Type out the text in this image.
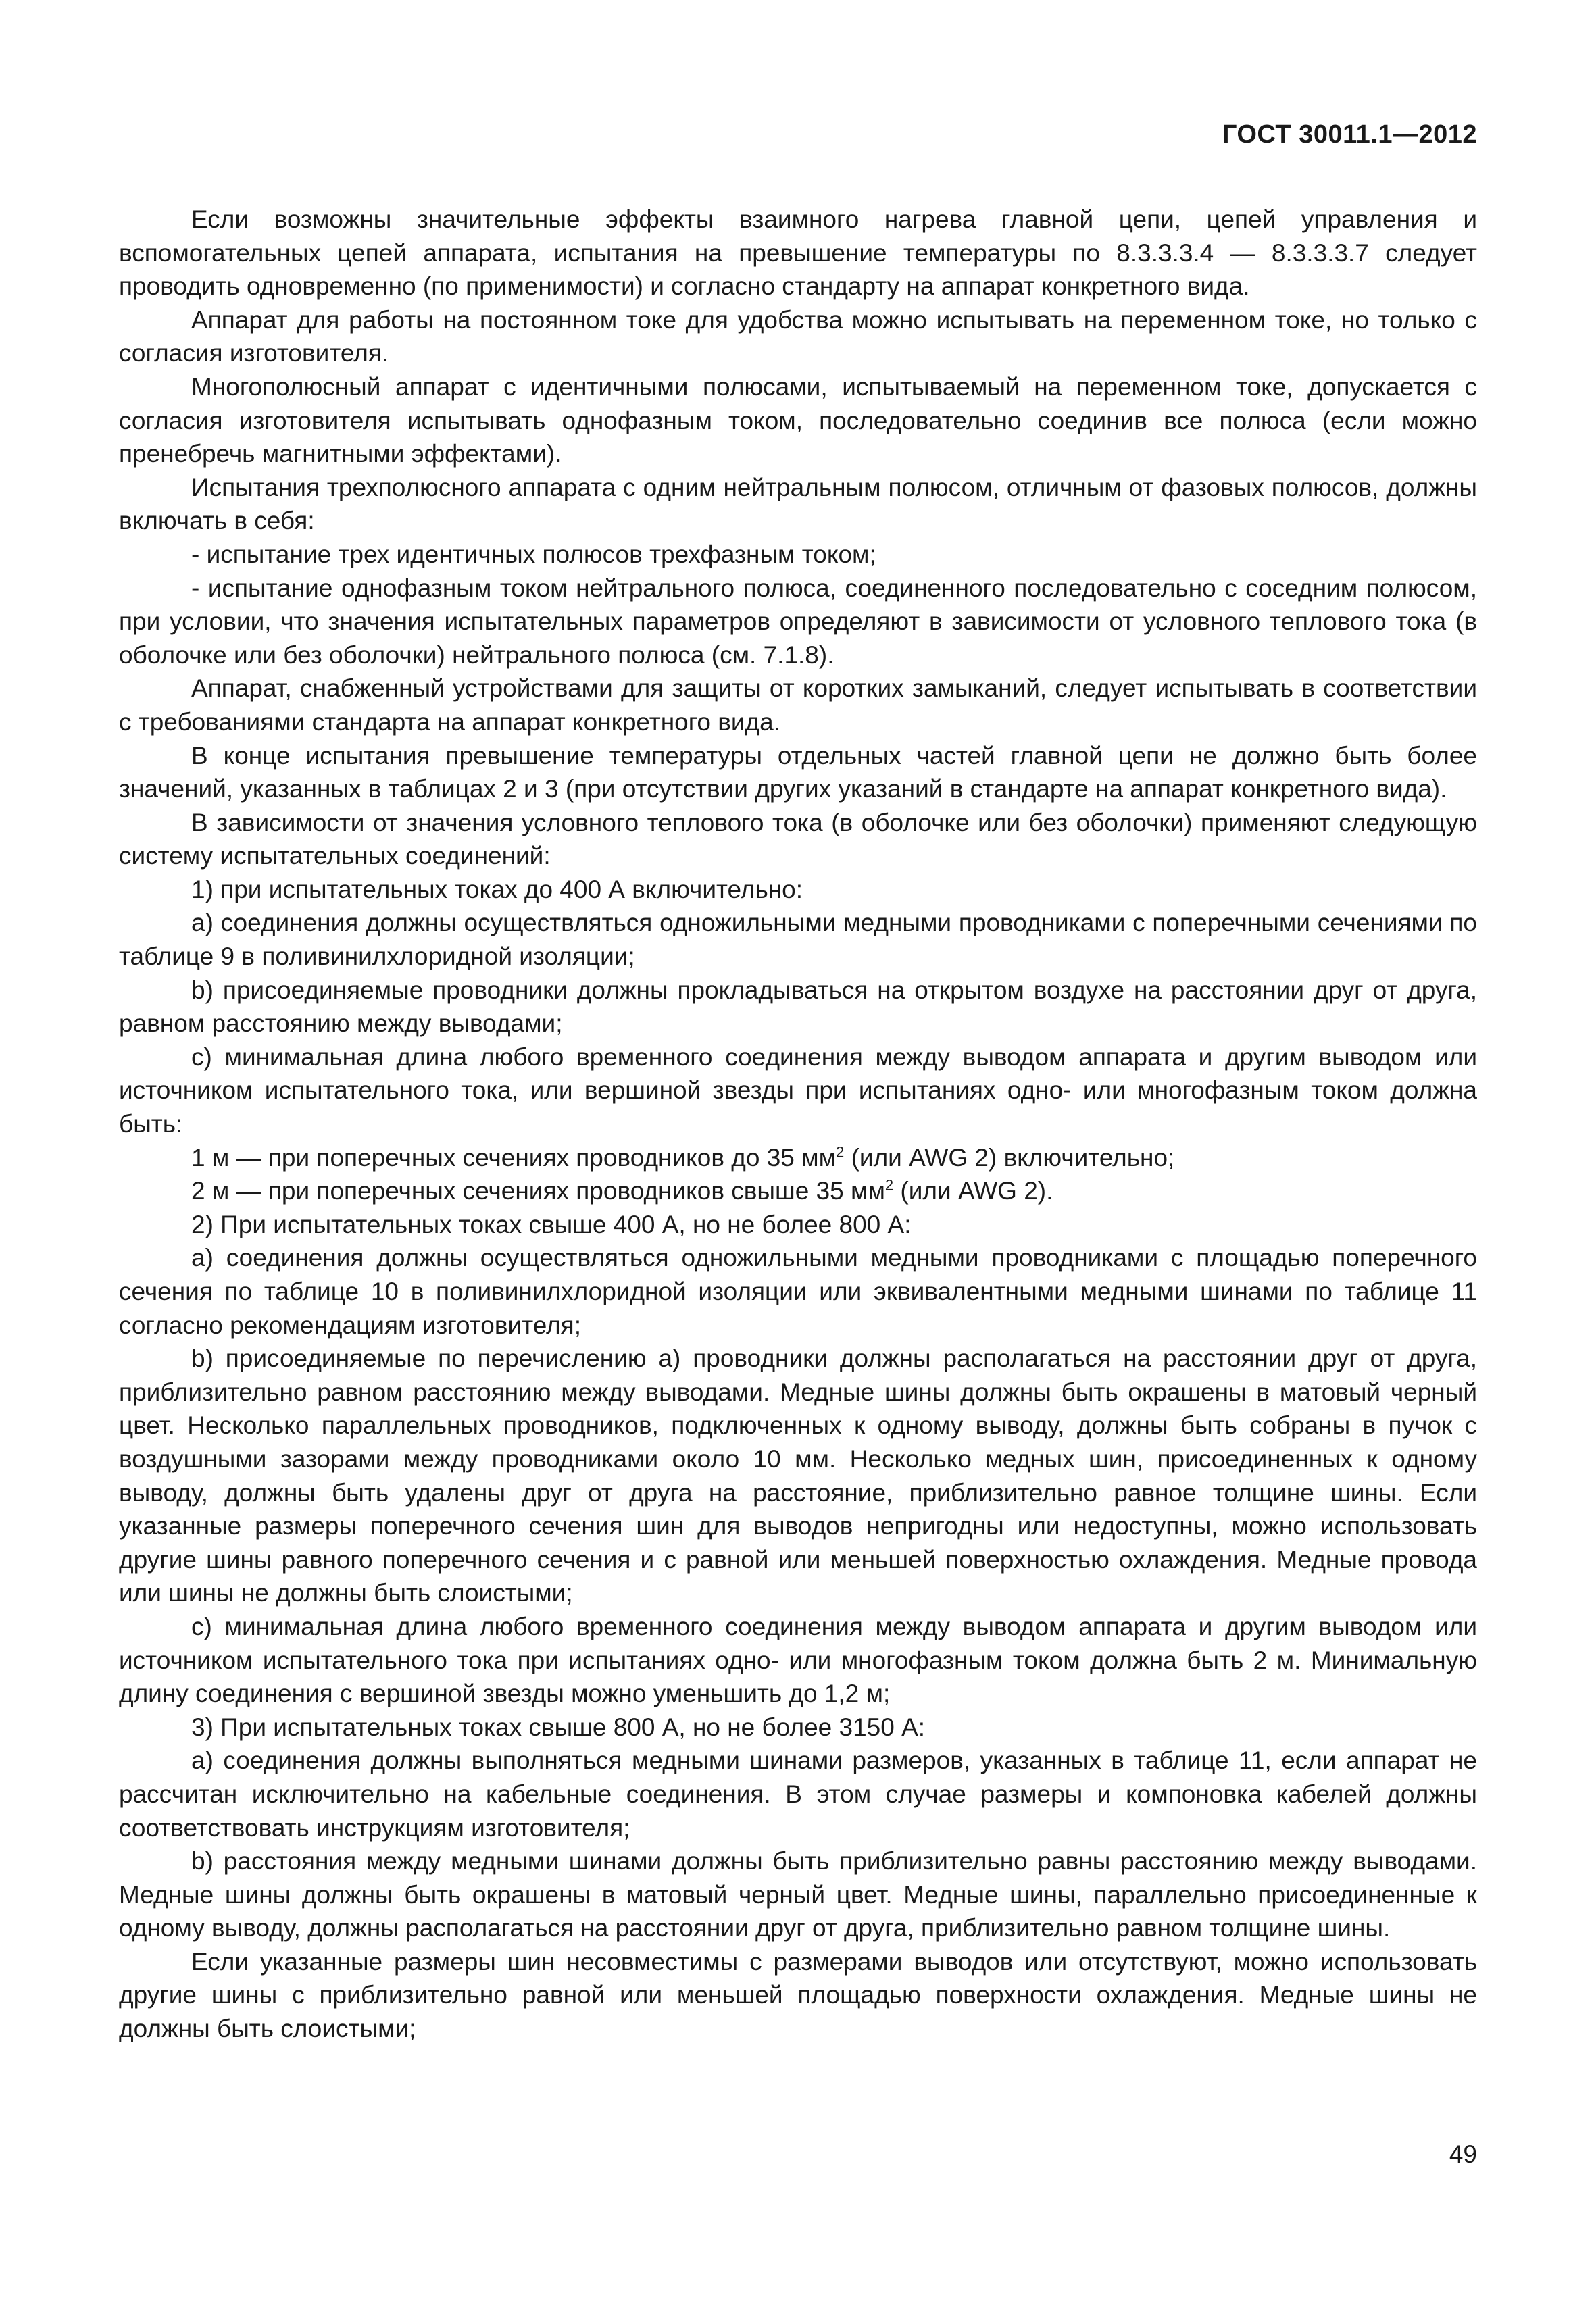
ГОСТ 30011.1—2012

Если возможны значительные эффекты взаимного нагрева главной цепи, цепей управления и вспомогательных цепей аппарата, испытания на превышение температуры по 8.3.3.3.4 — 8.3.3.3.7 следует проводить одновременно (по применимости) и согласно стандарту на аппарат конкретного вида.

Аппарат для работы на постоянном токе для удобства можно испытывать на переменном токе, но только с согласия изготовителя.

Многополюсный аппарат с идентичными полюсами, испытываемый на переменном токе, допускается с согласия изготовителя испытывать однофазным током, последовательно соединив все полюса (если можно пренебречь магнитными эффектами).

Испытания трехполюсного аппарата с одним нейтральным полюсом, отличным от фазовых полюсов, должны включать в себя:

- испытание трех идентичных полюсов трехфазным током;

- испытание однофазным током нейтрального полюса, соединенного последовательно с соседним полюсом, при условии, что значения испытательных параметров определяют в зависимости от условного теплового тока (в оболочке или без оболочки) нейтрального полюса (см. 7.1.8).

Аппарат, снабженный устройствами для защиты от коротких замыканий, следует испытывать в соответствии с требованиями стандарта на аппарат конкретного вида.

В конце испытания превышение температуры отдельных частей главной цепи не должно быть более значений, указанных в таблицах 2 и 3 (при отсутствии других указаний в стандарте на аппарат конкретного вида).

В зависимости от значения условного теплового тока (в оболочке или без оболочки) применяют следующую систему испытательных соединений:

1) при испытательных токах до 400 А включительно:

a) соединения должны осуществляться одножильными медными проводниками с поперечными сечениями по таблице 9 в поливинилхлоридной изоляции;

b) присоединяемые проводники должны прокладываться на открытом воздухе на расстоянии друг от друга, равном расстоянию между выводами;

c) минимальная длина любого временного соединения между выводом аппарата и другим выводом или источником испытательного тока, или вершиной звезды при испытаниях одно- или многофазным током должна быть:

1 м — при поперечных сечениях проводников до 35 $мм^2$ (или AWG 2) включительно;

2 м — при поперечных сечениях проводников свыше 35 $мм^2$ (или AWG 2).

2) При испытательных токах свыше 400 А, но не более 800 А:

a) соединения должны осуществляться одножильными медными проводниками с площадью поперечного сечения по таблице 10 в поливинилхлоридной изоляции или эквивалентными медными шинами по таблице 11 согласно рекомендациям изготовителя;

b) присоединяемые по перечислению a) проводники должны располагаться на расстоянии друг от друга, приблизительно равном расстоянию между выводами. Медные шины должны быть окрашены в матовый черный цвет. Несколько параллельных проводников, подключенных к одному выводу, должны быть собраны в пучок с воздушными зазорами между проводниками около 10 мм. Несколько медных шин, присоединенных к одному выводу, должны быть удалены друг от друга на расстояние, приблизительно равное толщине шины. Если указанные размеры поперечного сечения шин для выводов непригодны или недоступны, можно использовать другие шины равного поперечного сечения и с равной или меньшей поверхностью охлаждения. Медные провода или шины не должны быть слоистыми;

c) минимальная длина любого временного соединения между выводом аппарата и другим выводом или источником испытательного тока при испытаниях одно- или многофазным током должна быть 2 м. Минимальную длину соединения с вершиной звезды можно уменьшить до 1,2 м;

3) При испытательных токах свыше 800 А, но не более 3150 А:

a) соединения должны выполняться медными шинами размеров, указанных в таблице 11, если аппарат не рассчитан исключительно на кабельные соединения. В этом случае размеры и компоновка кабелей должны соответствовать инструкциям изготовителя;

b) расстояния между медными шинами должны быть приблизительно равны расстоянию между выводами. Медные шины должны быть окрашены в матовый черный цвет. Медные шины, параллельно присоединенные к одному выводу, должны располагаться на расстоянии друг от друга, приблизительно равном толщине шины.

Если указанные размеры шин несовместимы с размерами выводов или отсутствуют, можно использовать другие шины с приблизительно равной или меньшей площадью поверхности охлаждения. Медные шины не должны быть слоистыми;

49
